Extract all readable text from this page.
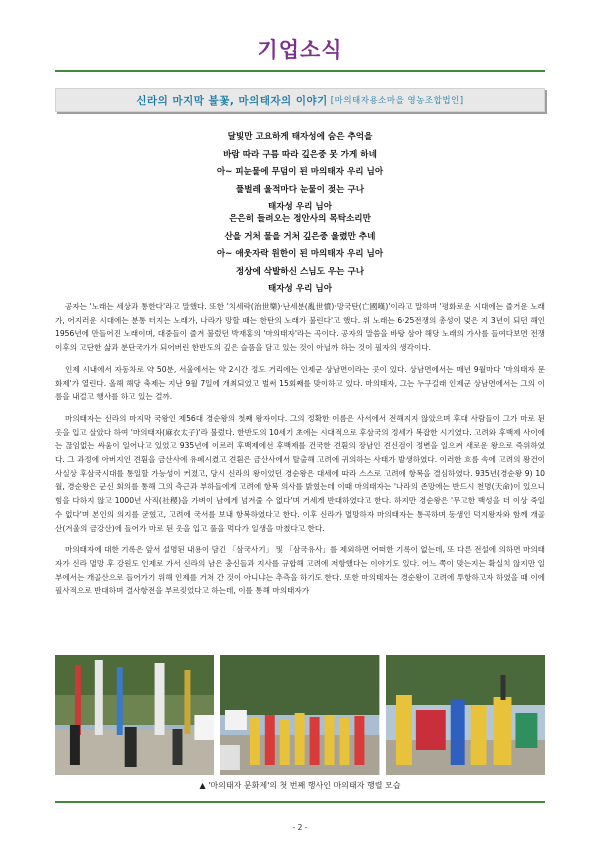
기업소식
신라의 마지막 불꽃, 마의태자의 이야기 [마의태자용소마을 영농조합법인]
달빛만 고요하게 태자성에 숨은 추억을
바람 따라 구름 따라 깊은중 못 가게 하네
아~ 피눈물에 무덤이 된 마의태자 우리 님아
풀벌레 울적마다 눈물이 젖는 구나
태자성 우리 님아
은은히 들려오는 정안사의 목탁소리만
산을 거처 물을 거처 깊은중 울렸만 추네
아~ 애웃자락 원한이 된 마의태자 우리 님아
정상에 삭발하신 스님도 우는 구나
태자성 우리 님아

공자는 '노래는 세상과 통한다'라고 말했다. 또한 '치세락(治世樂)·난세분(亂世憤)·망국탄(亡國嘆)'이라고 말하며 '평화로운 시대에는 즐거운 노래가, 어지러운 시대에는 분통 터지는 노래가, 나라가 망할 때는 한탄의 노래가 불린다'고 했다. 위 노래는 6·25전쟁의 총성이 멎은 지 3년이 되던 해인 1956년에 만들어진 노래이며, 대중들이 즐겨 불렀던 박재홍의 '마의태자'라는 곡이다. 공자의 말씀을 바탕 삼아 해당 노래의 가사를 들여다보면 전쟁 이후의 고단한 삶과 분단국가가 되어버린 한반도의 깊은 슬픔을 담고 있는 것이 아닐까 하는 것이 필자의 생각이다.

인제 시내에서 자동차로 약 50분, 서울에서는 약 2시간 정도 거리에는 인제군 상남면이라는 곳이 있다. 상남면에서는 매년 9월마다 '마의태자 문화제'가 열린다. 올해 해당 축제는 지난 9월 7일에 개최되었고 벌써 15회째를 맞이하고 있다. 마의태자, 그는 누구길래 인제군 상남면에서는 그의 이름을 내걸고 행사를 하고 있는 걸까.

마의태자는 신라의 마지막 국왕인 제56대 경순왕의 첫째 왕자이다. 그의 정확한 이름은 사서에서 전해지지 않았으며 후대 사람들이 그가 마로 된 옷을 입고 살았다 하여 '마의태자(麻衣太子)'라 불렀다. 한반도의 10세기 초에는 시대적으로 후삼국의 정세가 복잡한 시기였다. 고려와 후백제 사이에는 끊임없는 싸움이 일어나고 있었고 935년에 이르러 후백제에선 후백제를 건국한 견훤의 장남인 견신검이 정변을 일으켜 새로운 왕으로 즉위하였다. 그 과정에 아버지인 견훤을 금산사에 유폐시켰고 견훤은 금산사에서 탈출해 고려에 귀의하는 사태가 발생하였다. 이러한 흐름 속에 고려의 왕건이 사실상 후삼국시대를 통일할 가능성이 커졌고, 당시 신라의 왕이었던 경순왕은 대세에 따라 스스로 고려에 항복을 결심하였다. 935년(경순왕 9) 10월, 경순왕은 군신 회의를 통해 그의 측근과 부하들에게 고려에 항복 의사를 밝혔는데 이때 마의태자는 '나라의 존망에는 반드시 천명(天命)이 있으니 힘을 다하지 않고 1000년 사직(社稷)을 가벼이 남에게 넘겨줄 수 없다'며 거세게 반대하였다고 한다. 하지만 경순왕은 '무고한 백성을 더 이상 죽일 수 없다'며 본인의 의지를 굳혔고, 고려에 국서를 보내 항복하였다고 한다. 이후 신라가 멸망하자 마의태자는 통곡하며 동생인 덕지왕자와 함께 개골산(겨울의 금강산)에 들어가 마로 된 옷을 입고 풀을 먹다가 일생을 마쳤다고 한다.

마의태자에 대한 기록은 앞서 설명된 내용이 담긴 「삼국사기」 및 「삼국유사」를 제외하면 어떠한 기록이 없는데, 또 다른 전설에 의하면 마의태자가 신라 멸망 후 강원도 인제로 가서 신라의 남은 충신들과 지사를 규합해 고려에 저항했다는 이야기도 있다. 어느 쪽이 맞는지는 확실치 않지만 일부에서는 개골산으로 들어가기 위해 인제를 거쳐 간 것이 아니냐는 추측을 하기도 한다. 또한 마의태자는 경순왕이 고려에 투항하고자 하였을 때 이에 필사적으로 반대하며 결사항전을 부르짖었다고 하는데, 이를 통해 마의태자가

▲ '마의태자 문화제'의 첫 번째 행사인 마의태자 행렬 모습
- 2 -
